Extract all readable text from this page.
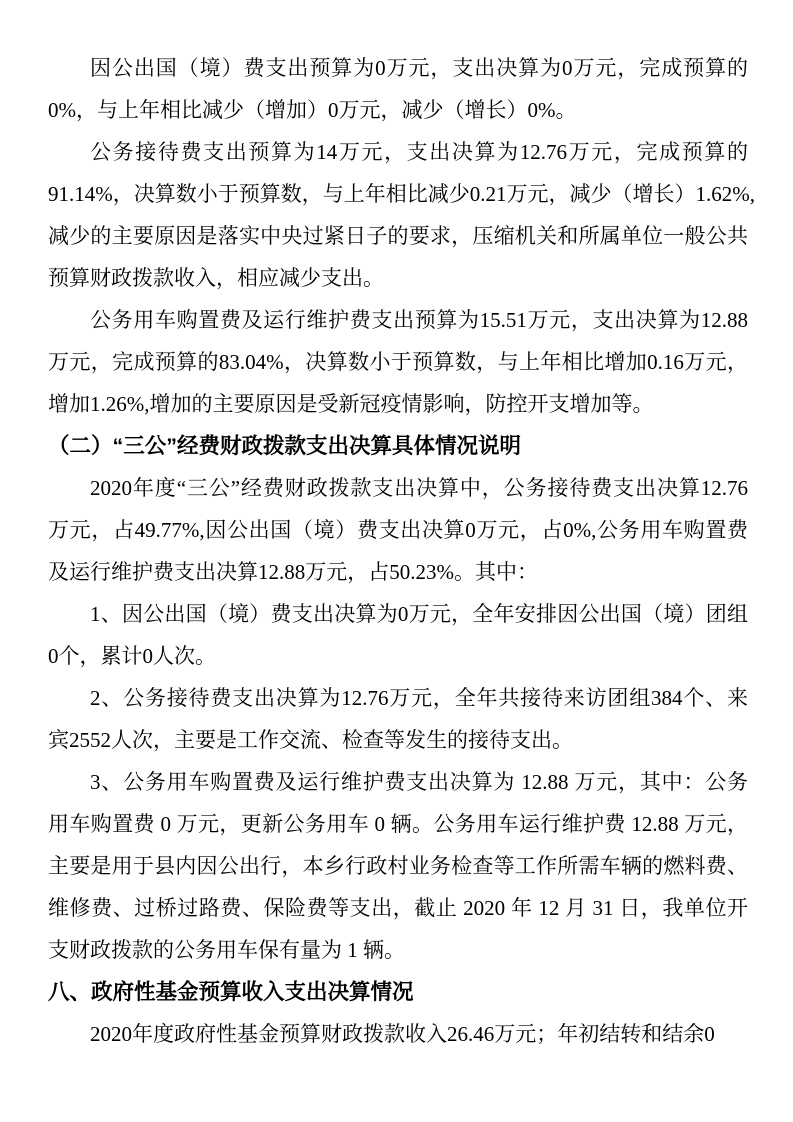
因公出国（境）费支出预算为0万元，支出决算为0万元，完成预算的
0%，与上年相比减少（增加）0万元，减少（增长）0%。
公务接待费支出预算为14万元，支出决算为12.76万元，完成预算的
91.14%，决算数小于预算数，与上年相比减少0.21万元，减少（增长）1.62%,
减少的主要原因是落实中央过紧日子的要求，压缩机关和所属单位一般公共
预算财政拨款收入，相应减少支出。
公务用车购置费及运行维护费支出预算为15.51万元，支出决算为12.88
万元，完成预算的83.04%，决算数小于预算数，与上年相比增加0.16万元，
增加1.26%,增加的主要原因是受新冠疫情影响，防控开支增加等。
（二）“三公”经费财政拨款支出决算具体情况说明
2020年度“三公”经费财政拨款支出决算中，公务接待费支出决算12.76
万元，占49.77%,因公出国（境）费支出决算0万元，占0%,公务用车购置费
及运行维护费支出决算12.88万元，占50.23%。其中：
1、因公出国（境）费支出决算为0万元，全年安排因公出国（境）团组
0个，累计0人次。
2、公务接待费支出决算为12.76万元，全年共接待来访团组384个、来
宾2552人次，主要是工作交流、检查等发生的接待支出。
3、公务用车购置费及运行维护费支出决算为 12.88 万元，其中：公务
用车购置费 0 万元，更新公务用车 0 辆。公务用车运行维护费 12.88 万元，
主要是用于县内因公出行，本乡行政村业务检查等工作所需车辆的燃料费、
维修费、过桥过路费、保险费等支出，截止 2020 年 12 月 31 日，我单位开
支财政拨款的公务用车保有量为 1 辆。
八、政府性基金预算收入支出决算情况
2020年度政府性基金预算财政拨款收入26.46万元；年初结转和结余0
